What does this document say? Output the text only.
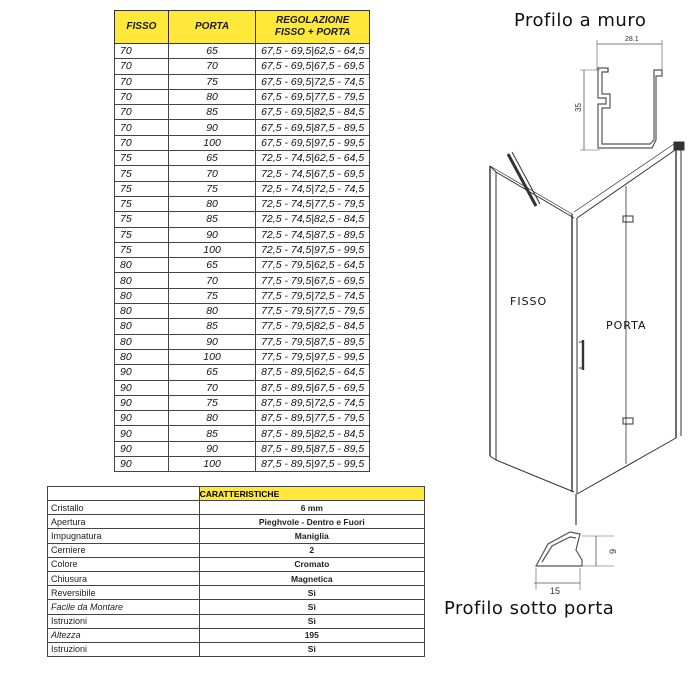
FISSO	PORTA	REGOLAZIONE
FISSO + PORTA
70	65	67,5 - 69,5|62,5 - 64,5
70	70	67,5 - 69,5|67,5 - 69,5
70	75	67,5 - 69,5|72,5 - 74,5
70	80	67,5 - 69,5|77,5 - 79,5
70	85	67,5 - 69,5|82,5 - 84,5
70	90	67,5 - 69,5|87,5 - 89,5
70	100	67,5 - 69,5|97,5 - 99,5
75	65	72,5 - 74,5|62,5 - 64,5
75	70	72,5 - 74,5|67,5 - 69,5
75	75	72,5 - 74,5|72,5 - 74,5
75	80	72,5 - 74,5|77,5 - 79,5
75	85	72,5 - 74,5|82,5 - 84,5
75	90	72,5 - 74,5|87,5 - 89,5
75	100	72,5 - 74,5|97,5 - 99,5
80	65	77,5 - 79,5|62,5 - 64,5
80	70	77,5 - 79,5|67,5 - 69,5
80	75	77,5 - 79,5|72,5 - 74,5
80	80	77,5 - 79,5|77,5 - 79,5
80	85	77,5 - 79,5|82,5 - 84,5
80	90	77,5 - 79,5|87,5 - 89,5
80	100	77,5 - 79,5|97,5 - 99,5
90	65	87,5 - 89,5|62,5 - 64,5
90	70	87,5 - 89,5|67,5 - 69,5
90	75	87,5 - 89,5|72,5 - 74,5
90	80	87,5 - 89,5|77,5 - 79,5
90	85	87,5 - 89,5|82,5 - 84,5
90	90	87,5 - 89,5|87,5 - 89,5
90	100	87,5 - 89,5|97,5 - 99,5
	CARATTERISTICHE
Cristallo	6 mm
Apertura	Pieghvole - Dentro e Fuori
Impugnatura	Maniglia
Cerniere	2
Colore	Cromato
Chiusura	Magnetica
Reversibile	Sì
Facile da Montare	Sì
Istruzioni	Sì
Altezza	195
Istruzioni	Sì
Profilo a muro
Profilo sotto porta
FISSO
PORTA
28.1
35
9
15
